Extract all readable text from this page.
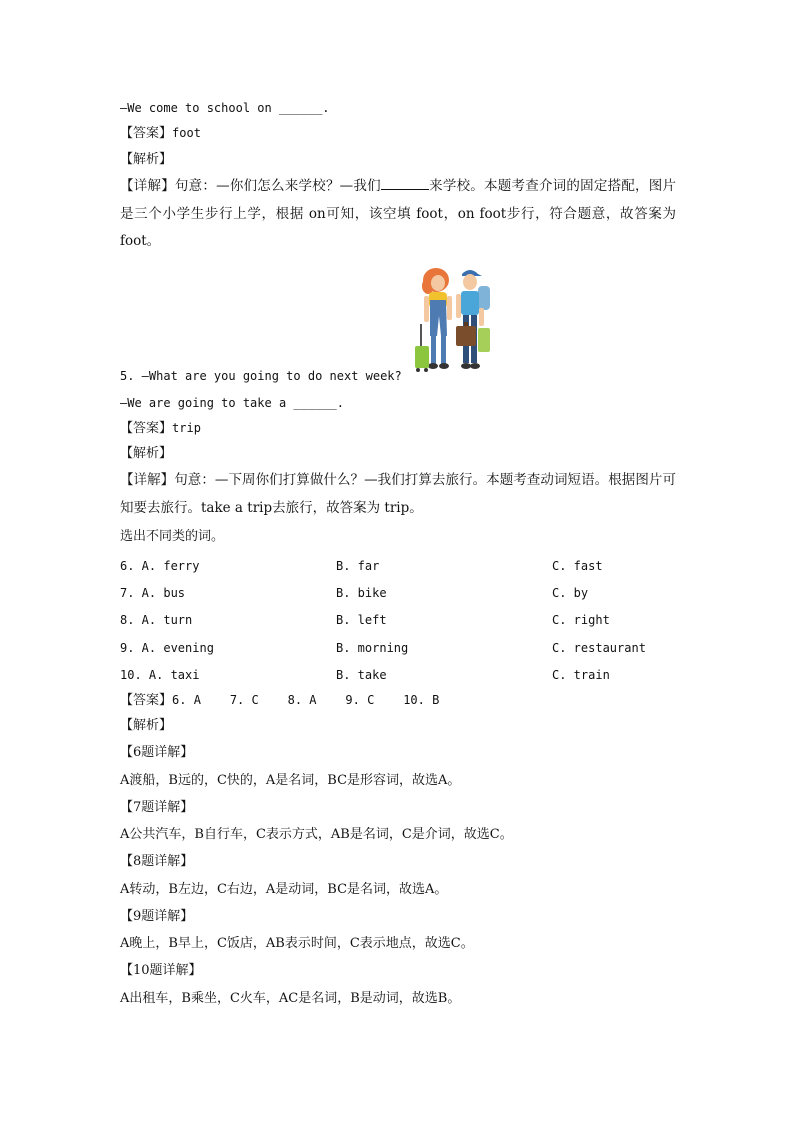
—We come to school on ______.
【答案】foot
【解析】
【详解】句意：—你们怎么来学校？—我们	来学校。本题考查介词的固定搭配，图片是三个小学生步行上学，根据 on可知，该空填 foot，on foot步行，符合题意，故答案为 foot。
5. —What are you going to do next week?
—We are going to take a ______.
【答案】trip
【解析】
【详解】句意：—下周你们打算做什么？—我们打算去旅行。本题考查动词短语。根据图片可知要去旅行。take a trip去旅行，故答案为 trip。
选出不同类的词。
6. A. ferry	B. far	C. fast
7. A. bus	B. bike	C. by
8. A. turn	B. left	C. right
9. A. evening	B. morning	C. restaurant
10. A. taxi	B. take	C. train
【答案】6. A    7. C    8. A    9. C    10. B
【解析】
【6题详解】
A渡船，B远的，C快的，A是名词，BC是形容词，故选A。
【7题详解】
A公共汽车，B自行车，C表示方式，AB是名词，C是介词，故选C。
【8题详解】
A转动，B左边，C右边，A是动词，BC是名词，故选A。
【9题详解】
A晚上，B早上，C饭店，AB表示时间，C表示地点，故选C。
【10题详解】
A出租车，B乘坐，C火车，AC是名词，B是动词，故选B。
